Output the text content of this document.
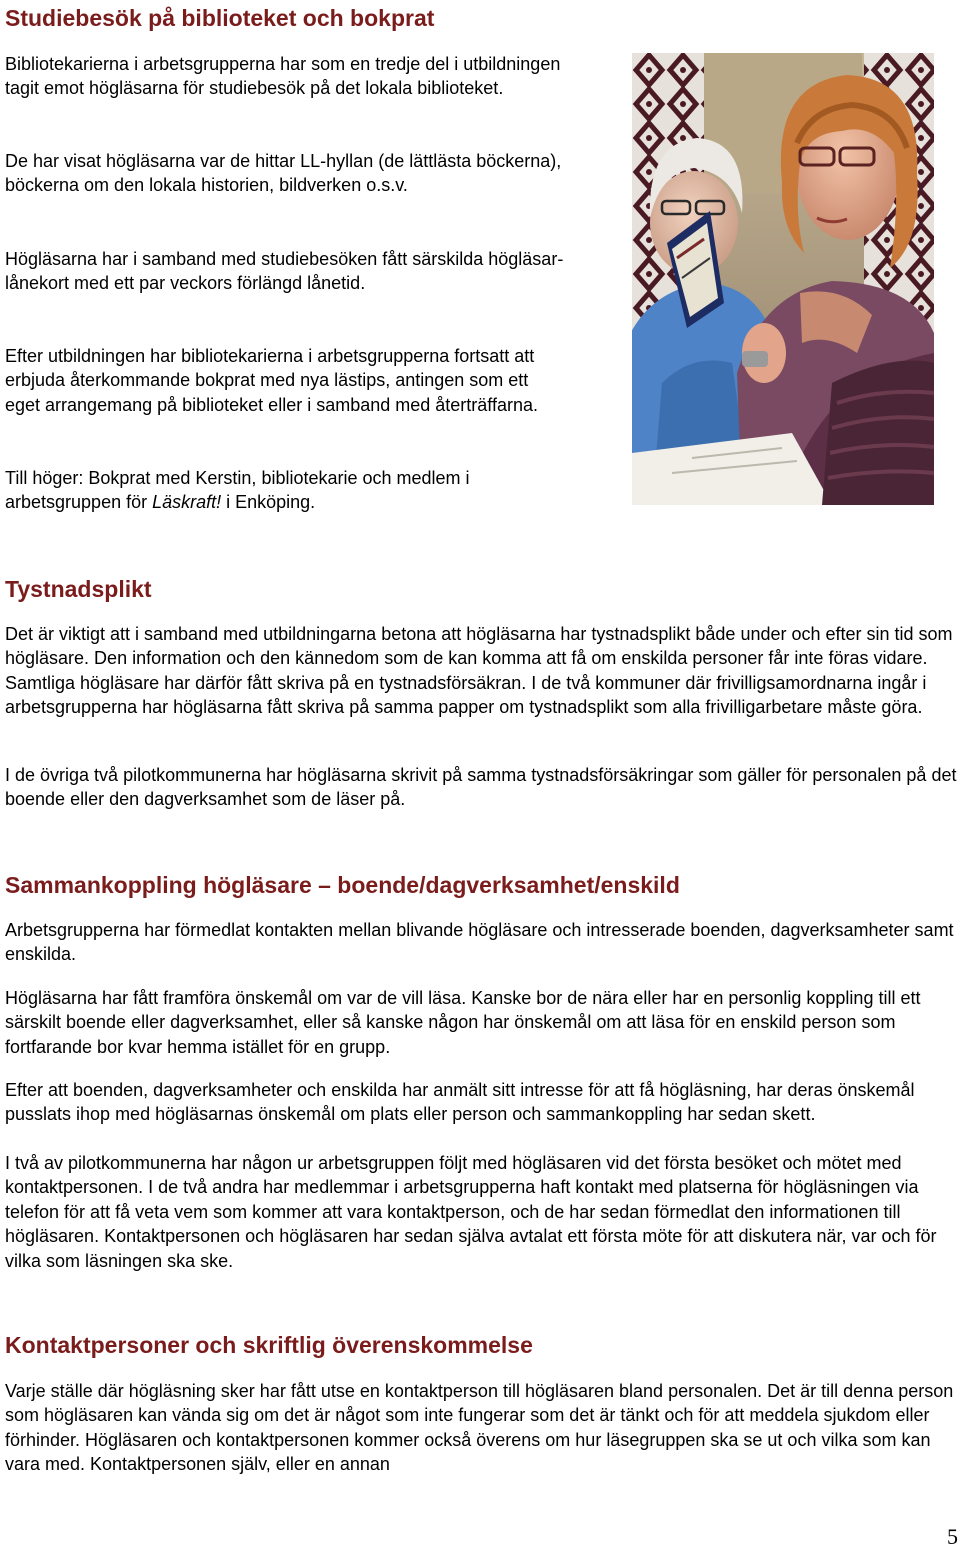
Studiebesök på biblioteket och bokprat

Bibliotekarierna i arbetsgrupperna har som en tredje del i utbildningen tagit emot högläsarna för studiebesök på det lokala biblioteket.

De har visat högläsarna var de hittar LL-hyllan (de lättlästa böckerna), böckerna om den lokala historien, bildverken o.s.v.

Högläsarna har i samband med studiebesöken fått särskilda högläsar-lånekort med ett par veckors förlängd lånetid.

Efter utbildningen har bibliotekarierna i arbetsgrupperna fortsatt att erbjuda återkommande bokprat med nya lästips, antingen som ett eget arrangemang på biblioteket eller i samband med återträffarna.

Till höger: Bokprat med Kerstin, bibliotekarie och medlem i arbetsgruppen för Läskraft! i Enköping.

Tystnadsplikt

Det är viktigt att i samband med utbildningarna betona att högläsarna har tystnadsplikt både under och efter sin tid som högläsare. Den information och den kännedom som de kan komma att få om enskilda personer får inte föras vidare. Samtliga högläsare har därför fått skriva på en tystnadsförsäkran. I de två kommuner där frivilligsamordnarna ingår i arbetsgrupperna har högläsarna fått skriva på samma papper om tystnadsplikt som alla frivilligarbetare måste göra.

I de övriga två pilotkommunerna har högläsarna skrivit på samma tystnadsförsäkringar som gäller för personalen på det boende eller den dagverksamhet som de läser på.

Sammankoppling högläsare – boende/dagverksamhet/enskild

Arbetsgrupperna har förmedlat kontakten mellan blivande högläsare och intresserade boenden, dagverksamheter samt enskilda.

Högläsarna har fått framföra önskemål om var de vill läsa. Kanske bor de nära eller har en personlig koppling till ett särskilt boende eller dagverksamhet, eller så kanske någon har önskemål om att läsa för en enskild person som fortfarande bor kvar hemma istället för en grupp.

Efter att boenden, dagverksamheter och enskilda har anmält sitt intresse för att få högläsning, har deras önskemål pusslats ihop med högläsarnas önskemål om plats eller person och sammankoppling har sedan skett.

I två av pilotkommunerna har någon ur arbetsgruppen följt med högläsaren vid det första besöket och mötet med kontaktpersonen. I de två andra har medlemmar i arbetsgrupperna haft kontakt med platserna för högläsningen via telefon för att få veta vem som kommer att vara kontaktperson, och de har sedan förmedlat den informationen till högläsaren. Kontaktpersonen och högläsaren har sedan själva avtalat ett första möte för att diskutera när, var och för vilka som läsningen ska ske.

Kontaktpersoner och skriftlig överenskommelse

Varje ställe där högläsning sker har fått utse en kontaktperson till högläsaren bland personalen. Det är till denna person som högläsaren kan vända sig om det är något som inte fungerar som det är tänkt och för att meddela sjukdom eller förhinder. Högläsaren och kontaktpersonen kommer också överens om hur läsegruppen ska se ut och vilka som kan vara med. Kontaktpersonen själv, eller en annan

5
